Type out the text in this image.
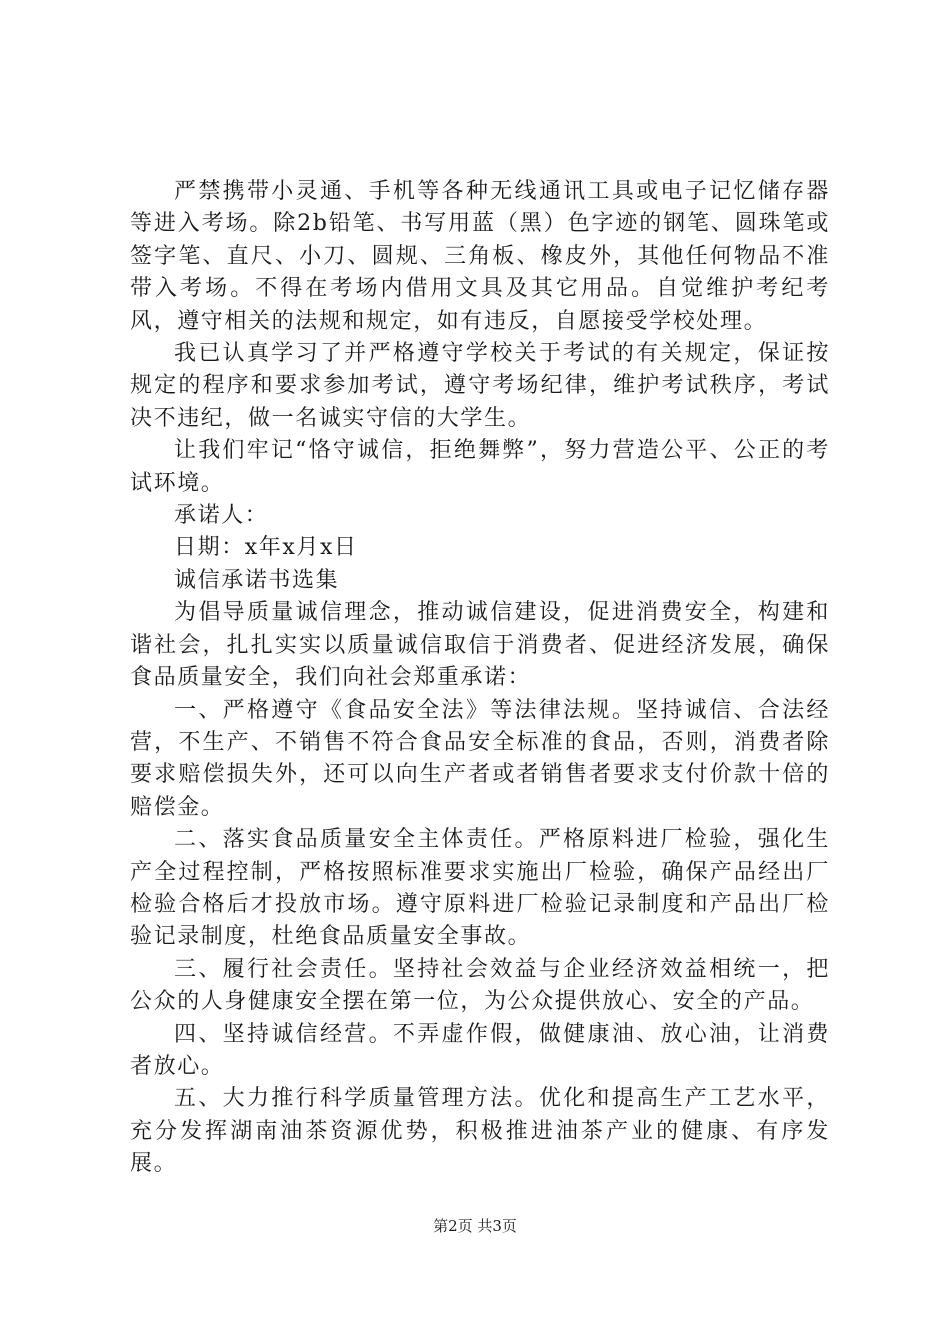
严禁携带小灵通、手机等各种无线通讯工具或电子记忆储存器等进入考场。除2b铅笔、书写用蓝（黑）色字迹的钢笔、圆珠笔或签字笔、直尺、小刀、圆规、三角板、橡皮外，其他任何物品不准带入考场。不得在考场内借用文具及其它用品。自觉维护考纪考风，遵守相关的法规和规定，如有违反，自愿接受学校处理。

我已认真学习了并严格遵守学校关于考试的有关规定，保证按规定的程序和要求参加考试，遵守考场纪律，维护考试秩序，考试决不违纪，做一名诚实守信的大学生。

让我们牢记“恪守诚信，拒绝舞弊”，努力营造公平、公正的考试环境。

承诺人：

日期：x年x月x日

诚信承诺书选集

为倡导质量诚信理念，推动诚信建设，促进消费安全，构建和谐社会，扎扎实实以质量诚信取信于消费者、促进经济发展，确保食品质量安全，我们向社会郑重承诺：

一、严格遵守《食品安全法》等法律法规。坚持诚信、合法经营，不生产、不销售不符合食品安全标准的食品，否则，消费者除要求赔偿损失外，还可以向生产者或者销售者要求支付价款十倍的赔偿金。

二、落实食品质量安全主体责任。严格原料进厂检验，强化生产全过程控制，严格按照标准要求实施出厂检验，确保产品经出厂检验合格后才投放市场。遵守原料进厂检验记录制度和产品出厂检验记录制度，杜绝食品质量安全事故。

三、履行社会责任。坚持社会效益与企业经济效益相统一，把公众的人身健康安全摆在第一位，为公众提供放心、安全的产品。

四、坚持诚信经营。不弄虚作假，做健康油、放心油，让消费者放心。

五、大力推行科学质量管理方法。优化和提高生产工艺水平，充分发挥湖南油茶资源优势，积极推进油茶产业的健康、有序发展。

第2页 共3页
